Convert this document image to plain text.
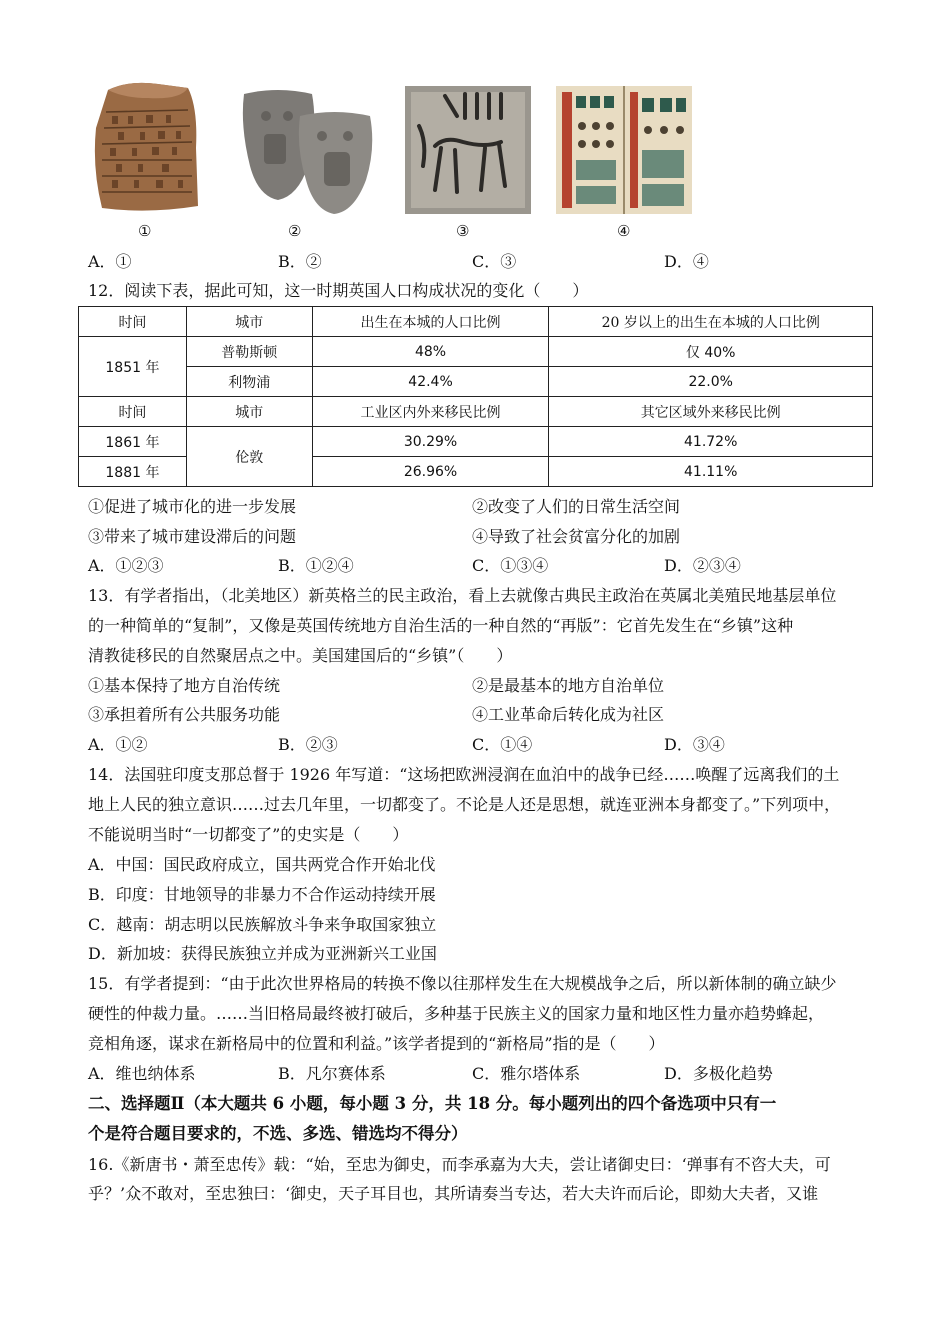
①	②	③	④
A．①	B．②	C．③	D．④
12．阅读下表，据此可知，这一时期英国人口构成状况的变化（　　）
时间	城市	出生在本城的人口比例	20 岁以上的出生在本城的人口比例
1851 年	普勒斯顿	48%	仅 40%
	利物浦	42.4%	22.0%
时间	城市	工业区内外来移民比例	其它区域外来移民比例
1861 年	伦敦	30.29%	41.72%
1881 年		26.96%	41.11%
①促进了城市化的进一步发展	②改变了人们的日常生活空间
③带来了城市建设滞后的问题	④导致了社会贫富分化的加剧
A．①②③	B．①②④	C．①③④	D．②③④
13．有学者指出，（北美地区）新英格兰的民主政治，看上去就像古典民主政治在英属北美殖民地基层单位
的一种简单的“复制”，又像是英国传统地方自治生活的一种自然的“再版”：它首先发生在“乡镇”这种
清教徒移民的自然聚居点之中。美国建国后的“乡镇”（　　）
①基本保持了地方自治传统	②是最基本的地方自治单位
③承担着所有公共服务功能	④工业革命后转化成为社区
A．①②	B．②③	C．①④	D．③④
14．法国驻印度支那总督于 1926 年写道：“这场把欧洲浸润在血泊中的战争已经……唤醒了远离我们的土
地上人民的独立意识……过去几年里，一切都变了。不论是人还是思想，就连亚洲本身都变了。”下列项中，
不能说明当时“一切都变了”的史实是（　　）
A．中国：国民政府成立，国共两党合作开始北伐
B．印度：甘地领导的非暴力不合作运动持续开展
C．越南：胡志明以民族解放斗争来争取国家独立
D．新加坡：获得民族独立并成为亚洲新兴工业国
15．有学者提到：“由于此次世界格局的转换不像以往那样发生在大规模战争之后，所以新体制的确立缺少
硬性的仲裁力量。……当旧格局最终被打破后，多种基于民族主义的国家力量和地区性力量亦趋势蜂起，
竞相角逐，谋求在新格局中的位置和利益。”该学者提到的“新格局”指的是（　　）
A．维也纳体系	B．凡尔赛体系	C．雅尔塔体系	D．多极化趋势
二、选择题Ⅱ（本大题共 6 小题，每小题 3 分，共 18 分。每小题列出的四个备选项中只有一
个是符合题目要求的，不选、多选、错选均不得分）
16.《新唐书・萧至忠传》载：“始，至忠为御史，而李承嘉为大夫，尝让诸御史曰：‘弹事有不咨大夫，可
乎？’众不敢对，至忠独曰：‘御史，天子耳目也，其所请奏当专达，若大夫许而后论，即劾大夫者，又谁
